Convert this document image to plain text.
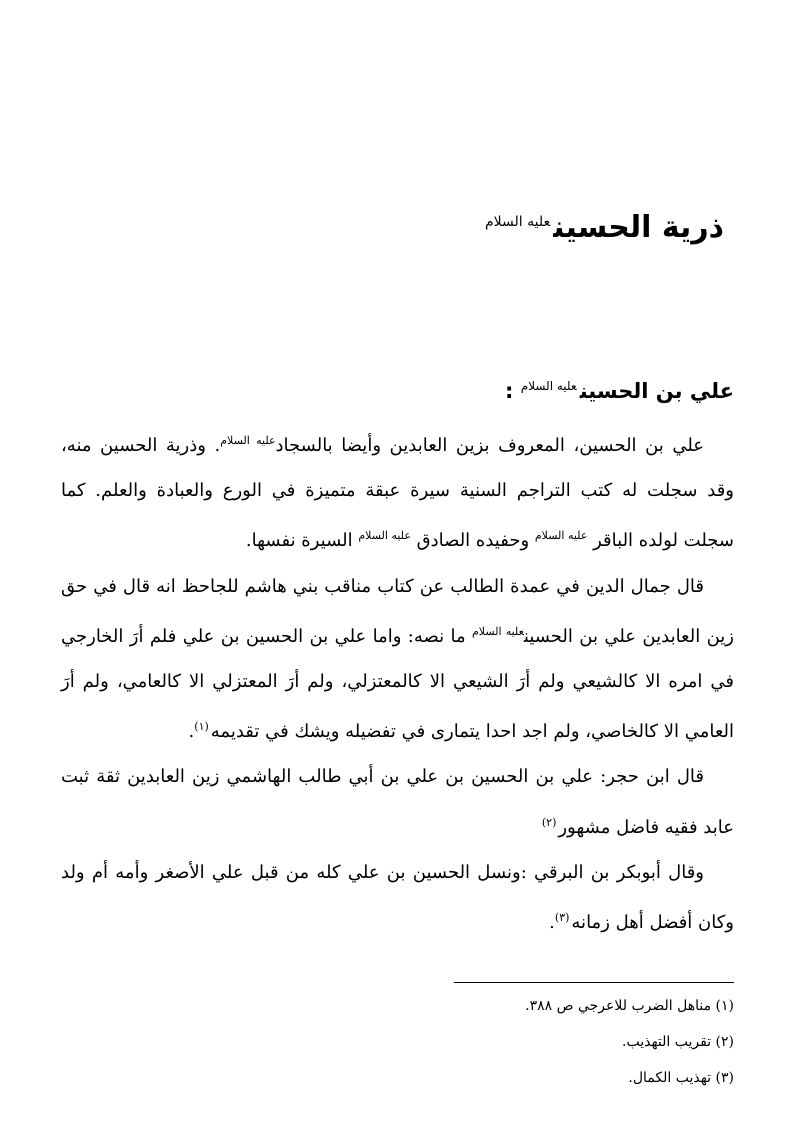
ذرية الحسين$^{عليه السلام}$
علي بن الحسين$^{عليه السلام}$ :

علي بن الحسين، المعروف بزين العابدين وأيضا بالسجاد$^{عليه السلام}$. وذرية الحسين منه، وقد سجلت له كتب التراجم السنية سيرة عبقة متميزة في الورع والعبادة والعلم. كما سجلت لولده الباقر $^{عليه السلام}$ وحفيده الصادق $^{عليه السلام}$ السيرة نفسها.

قال جمال الدين في عمدة الطالب عن كتاب مناقب بني هاشم للجاحظ انه قال في حق زين العابدين علي بن الحسين$^{عليه السلام}$ ما نصه: واما علي بن الحسين بن علي فلم أرَ الخارجي في امره الا كالشيعي ولم أرَ الشيعي الا كالمعتزلي، ولم أرَ المعتزلي الا كالعامي، ولم أرَ العامي الا كالخاصي، ولم اجد احدا يتمارى في تفضيله ويشك في تقديمه$^{(١)}$.

قال ابن حجر: علي بن الحسين بن علي بن أبي طالب الهاشمي زين العابدين ثقة ثبت عابد فقيه فاضل مشهور$^{(٢)}$

وقال أبوبكر بن البرقي :ونسل الحسين بن علي كله من قبل علي الأصغر وأمه أم ولد وكان أفضل أهل زمانه$^{(٣)}$.

(١) مناهل الضرب للاعرجي ص ٣٨٨.
(٢) تقريب التهذيب.
(٣) تهذيب الكمال.
